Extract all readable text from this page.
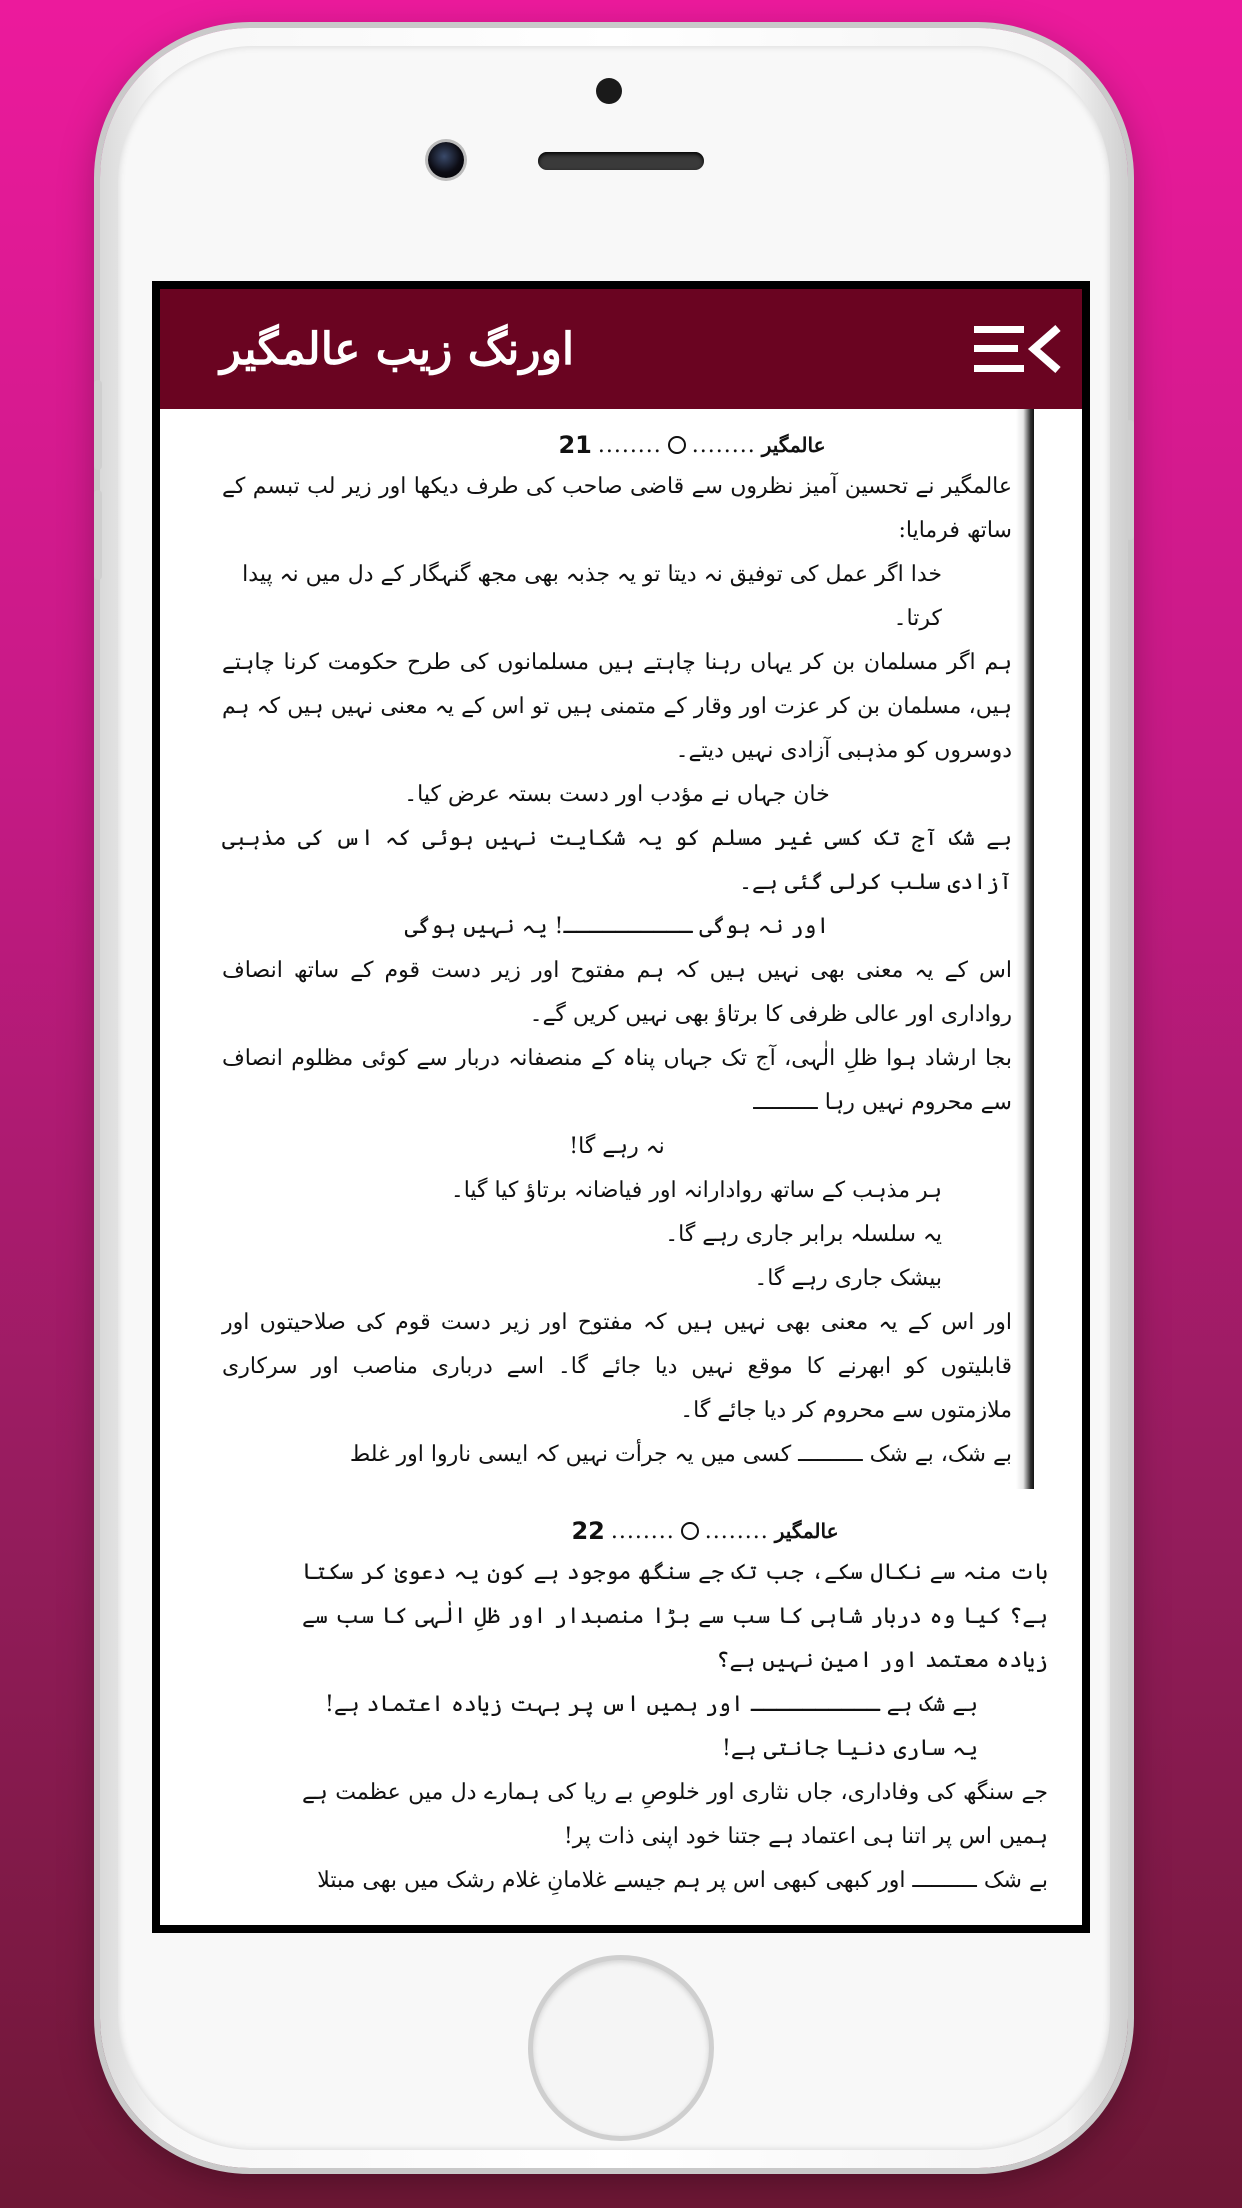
اورنگ زیب عالمگیر
21 ........ ........ عالمگیر

عالمگیر نے تحسین آمیز نظروں سے قاضی صاحب کی طرف دیکھا اور زیر لب تبسم کے ساتھ فرمایا:

خدا اگر عمل کی توفیق نہ دیتا تو یہ جذبہ بھی مجھ گنہگار کے دل میں نہ پیدا کرتا۔

ہم اگر مسلمان بن کر یہاں رہنا چاہتے ہیں مسلمانوں کی طرح حکومت کرنا چاہتے ہیں، مسلمان بن کر عزت اور وقار کے متمنی ہیں تو اس کے یہ معنی نہیں ہیں کہ ہم دوسروں کو مذہبی آزادی نہیں دیتے۔

خان جہاں نے مؤدب اور دست بستہ عرض کیا۔

بے شک آج تک کسی غیر مسلم کو یہ شکایت نہیں ہوئی کہ اس کی مذہبی آزادی سلب کرلی گئی ہے۔

اور نہ ہوگی ــــــــــ! یہ نہیں ہوگی

اس کے یہ معنی بھی نہیں ہیں کہ ہم مفتوح اور زیر دست قوم کے ساتھ انصاف رواداری اور عالی ظرفی کا برتاؤ بھی نہیں کریں گے۔

بجا ارشاد ہوا ظلِ الٰہی، آج تک جہاں پناہ کے منصفانہ دربار سے کوئی مظلوم انصاف سے محروم نہیں رہا ــــــــــ

نہ رہے گا!

ہر مذہب کے ساتھ روادارانہ اور فیاضانہ برتاؤ کیا گیا۔

یہ سلسلہ برابر جاری رہے گا۔

بیشک جاری رہے گا۔

اور اس کے یہ معنی بھی نہیں ہیں کہ مفتوح اور زیر دست قوم کی صلاحیتوں اور قابلیتوں کو ابھرنے کا موقع نہیں دیا جائے گا۔ اسے درباری مناصب اور سرکاری ملازمتوں سے محروم کر دیا جائے گا۔

بے شک، بے شک ــــــــــ کسی میں یہ جرأت نہیں کہ ایسی ناروا اور غلط

22 ........ ........ عالمگیر

بات منہ سے نکال سکے، جب تک جے سنگھ موجود ہے کون یہ دعویٰ کر سکتا ہے؟ کیا وہ دربار شاہی کا سب سے بڑا منصبدار اور ظلِ الٰہی کا سب سے زیادہ معتمد اور امین نہیں ہے؟

بے شک ہے ــــــــــ اور ہمیں اس پر بہت زیادہ اعتماد ہے!

یہ ساری دنیا جانتی ہے!

جے سنگھ کی وفاداری، جاں نثاری اور خلوصِ بے ریا کی ہمارے دل میں عظمت ہے ہمیں اس پر اتنا ہی اعتماد ہے جتنا خود اپنی ذات پر!

بے شک ــــــــــ اور کبھی کبھی اس پر ہم جیسے غلامانِ غلام رشک میں بھی مبتلا
